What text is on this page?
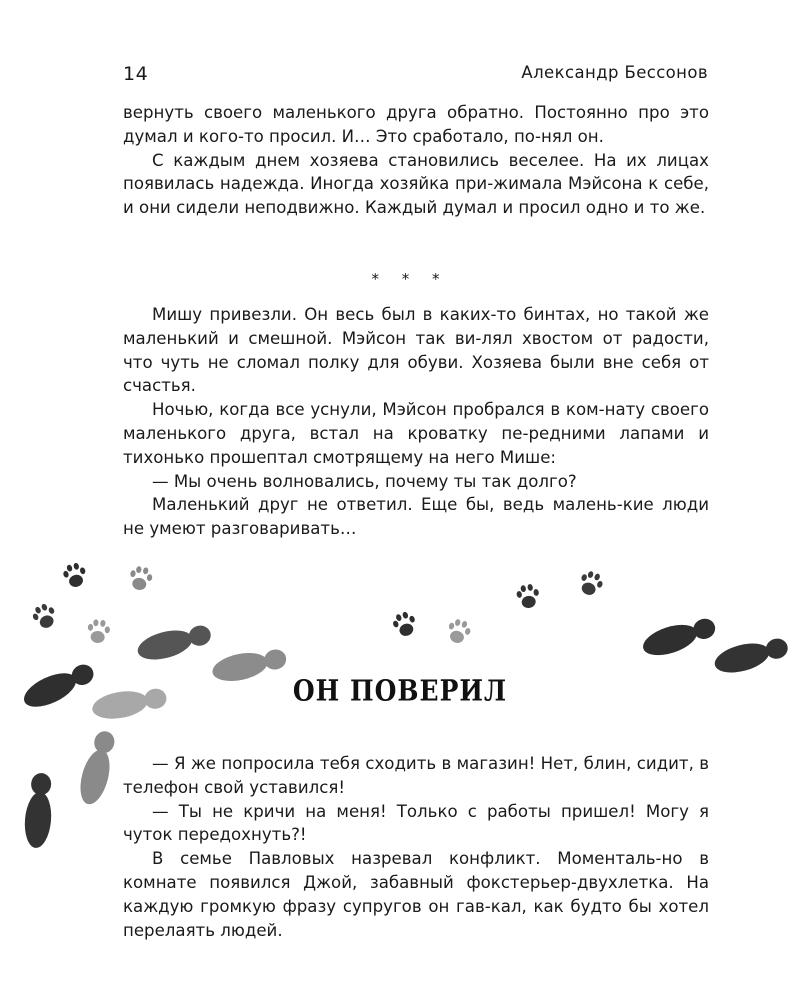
14	Александр Бессонов

вернуть своего маленького друга обратно. Постоянно про это думал и кого-то просил. И… Это сработало, по-нял он.

С каждым днем хозяева становились веселее. На их лицах появилась надежда. Иногда хозяйка при-жимала Мэйсона к себе, и они сидели неподвижно. Каждый думал и просил одно и то же.

* * *

Мишу привезли. Он весь был в каких-то бинтах, но такой же маленький и смешной. Мэйсон так ви-лял хвостом от радости, что чуть не сломал полку для обуви. Хозяева были вне себя от счастья.

Ночью, когда все уснули, Мэйсон пробрался в ком-нату своего маленького друга, встал на кроватку пе-редними лапами и тихонько прошептал смотрящему на него Мише:

— Мы очень волновались, почему ты так долго?

Маленький друг не ответил. Еще бы, ведь малень-кие люди не умеют разговаривать…

ОН ПОВЕРИЛ

— Я же попросила тебя сходить в магазин! Нет, блин, сидит, в телефон свой уставился!

— Ты не кричи на меня! Только с работы пришел! Могу я чуток передохнуть?!

В семье Павловых назревал конфликт. Моменталь-но в комнате появился Джой, забавный фокстерьер-двухлетка. На каждую громкую фразу супругов он гав-кал, как будто бы хотел перелаять людей.
